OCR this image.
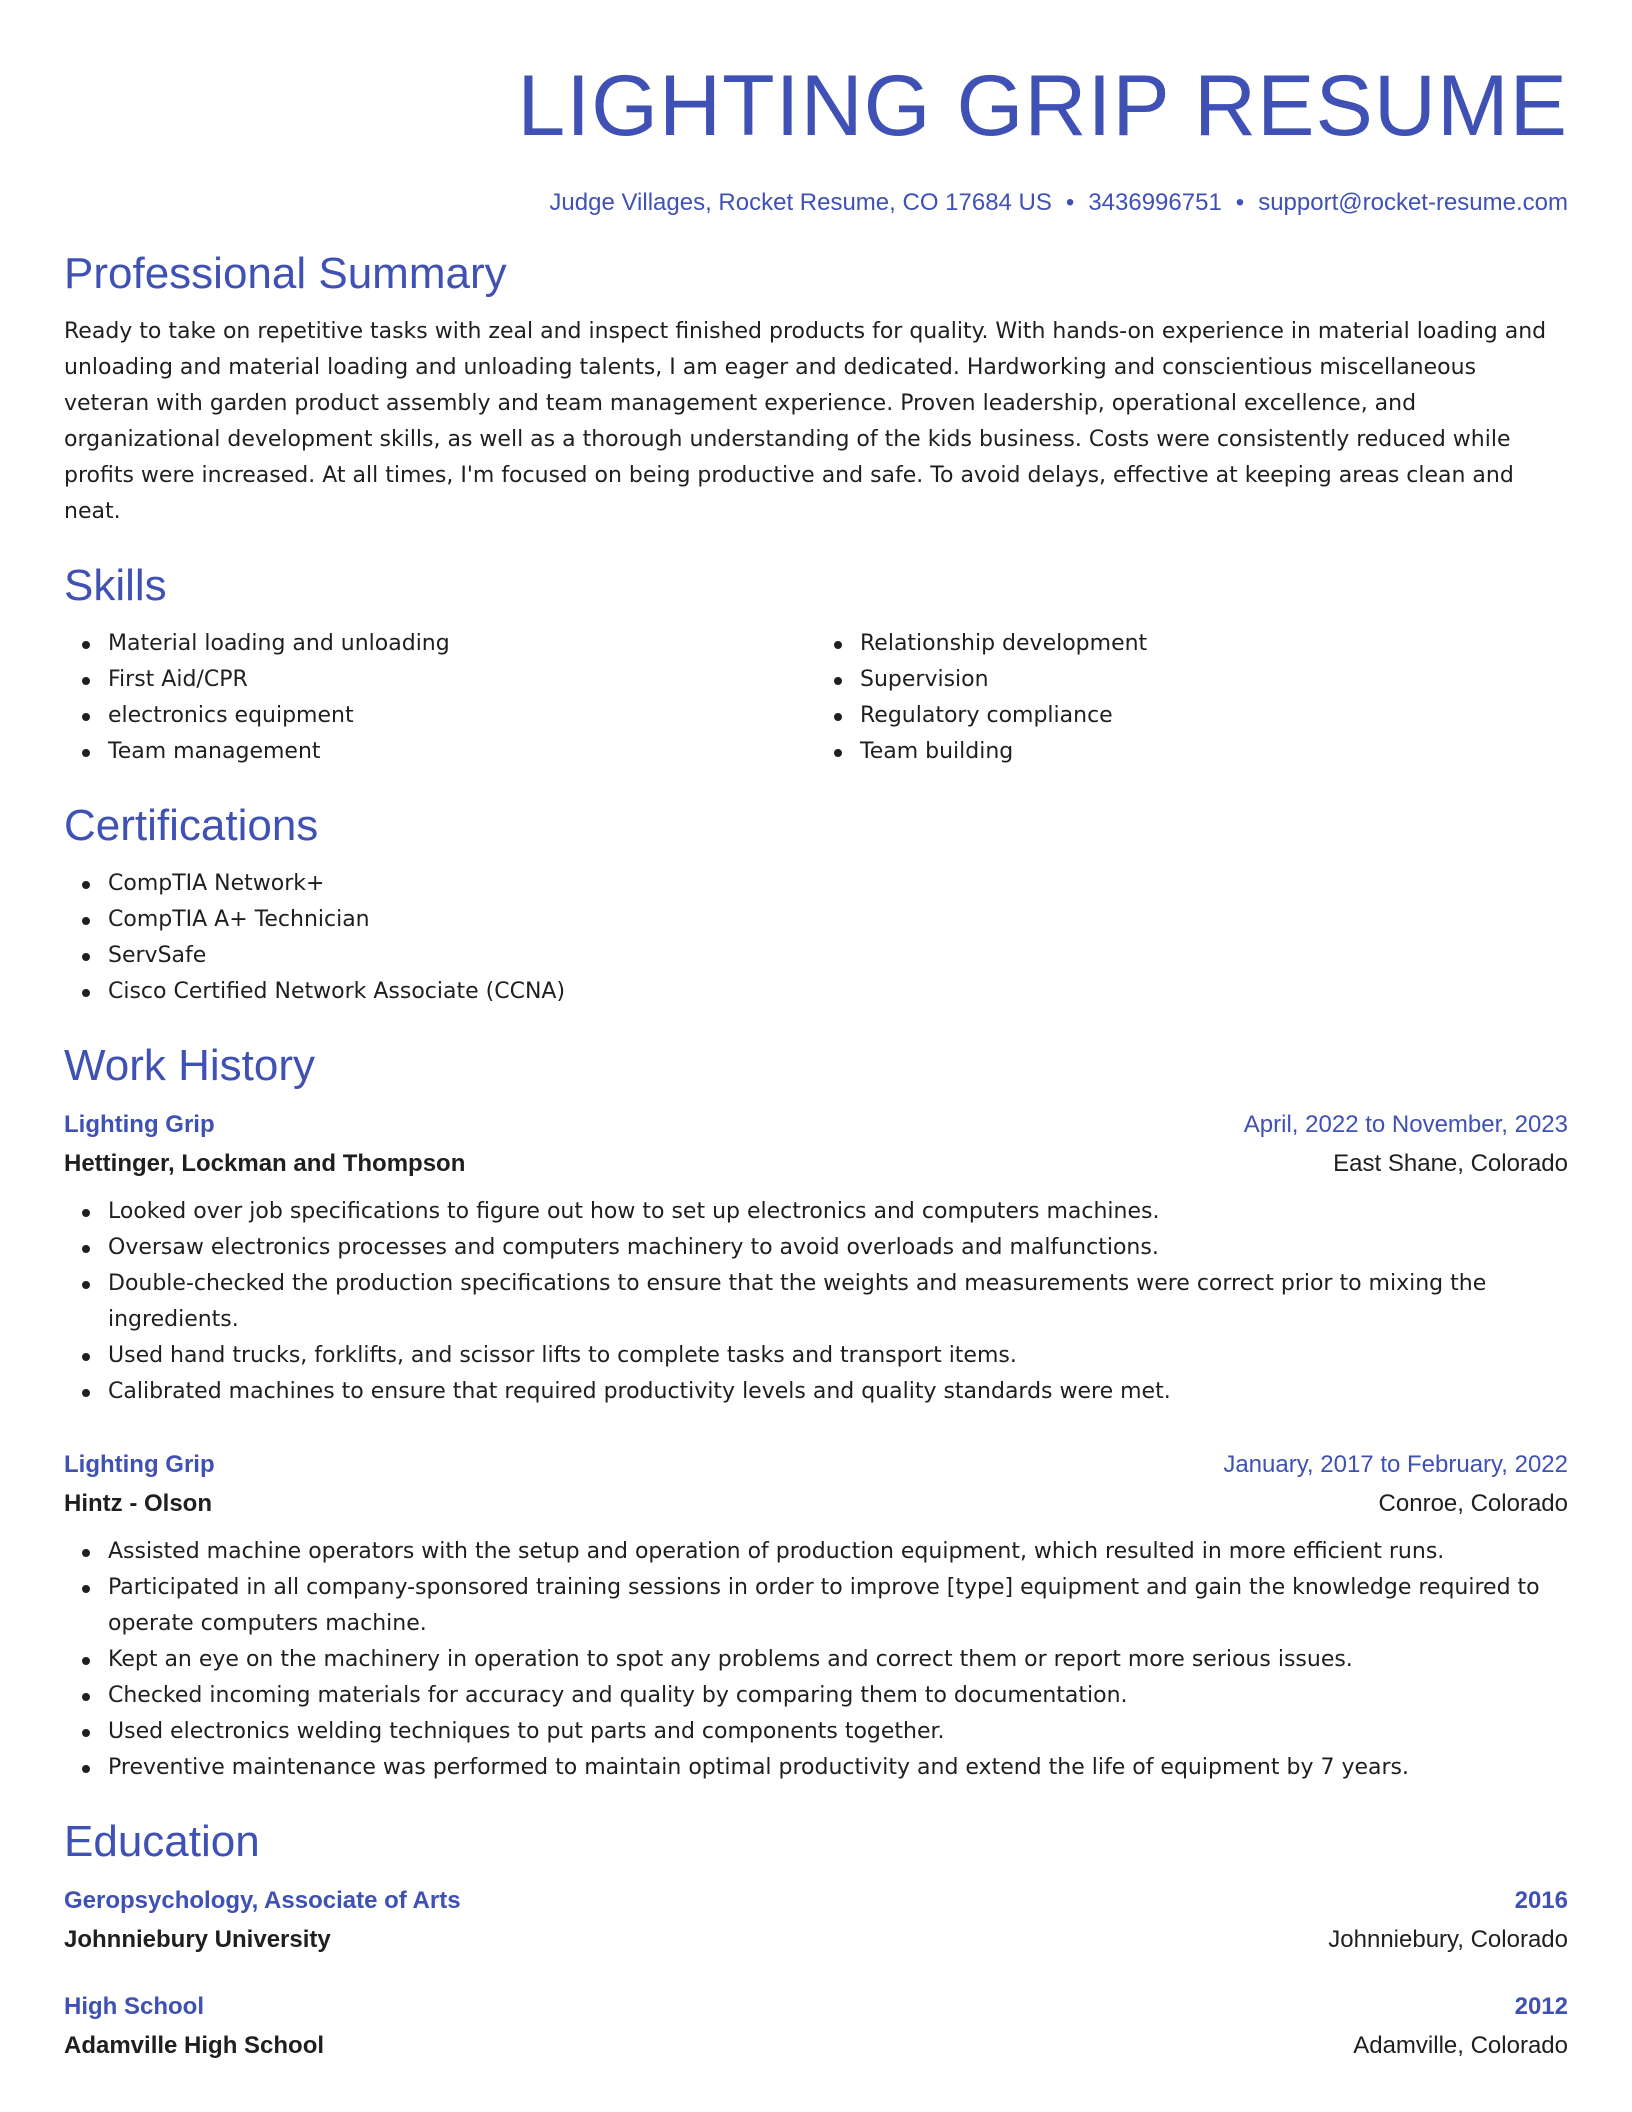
LIGHTING GRIP RESUME
Judge Villages, Rocket Resume, CO 17684 US • 3436996751 • support@rocket-resume.com
Professional Summary

Ready to take on repetitive tasks with zeal and inspect finished products for quality. With hands-on experience in material loading and unloading and material loading and unloading talents, I am eager and dedicated. Hardworking and conscientious miscellaneous veteran with garden product assembly and team management experience. Proven leadership, operational excellence, and organizational development skills, as well as a thorough understanding of the kids business. Costs were consistently reduced while profits were increased. At all times, I'm focused on being productive and safe. To avoid delays, effective at keeping areas clean and neat.

Skills
Material loading and unloading
First Aid/CPR
electronics equipment
Team management
Relationship development
Supervision
Regulatory compliance
Team building
Certifications
CompTIA Network+
CompTIA A+ Technician
ServSafe
Cisco Certified Network Associate (CCNA)
Work History
Lighting Grip	April, 2022 to November, 2023
Hettinger, Lockman and Thompson	East Shane, Colorado
Looked over job specifications to figure out how to set up electronics and computers machines.
Oversaw electronics processes and computers machinery to avoid overloads and malfunctions.
Double-checked the production specifications to ensure that the weights and measurements were correct prior to mixing the ingredients.
Used hand trucks, forklifts, and scissor lifts to complete tasks and transport items.
Calibrated machines to ensure that required productivity levels and quality standards were met.
Lighting Grip	January, 2017 to February, 2022
Hintz - Olson	Conroe, Colorado
Assisted machine operators with the setup and operation of production equipment, which resulted in more efficient runs.
Participated in all company-sponsored training sessions in order to improve [type] equipment and gain the knowledge required to operate computers machine.
Kept an eye on the machinery in operation to spot any problems and correct them or report more serious issues.
Checked incoming materials for accuracy and quality by comparing them to documentation.
Used electronics welding techniques to put parts and components together.
Preventive maintenance was performed to maintain optimal productivity and extend the life of equipment by 7 years.
Education
Geropsychology, Associate of Arts	2016
Johnniebury University	Johnniebury, Colorado
High School	2012
Adamville High School	Adamville, Colorado
